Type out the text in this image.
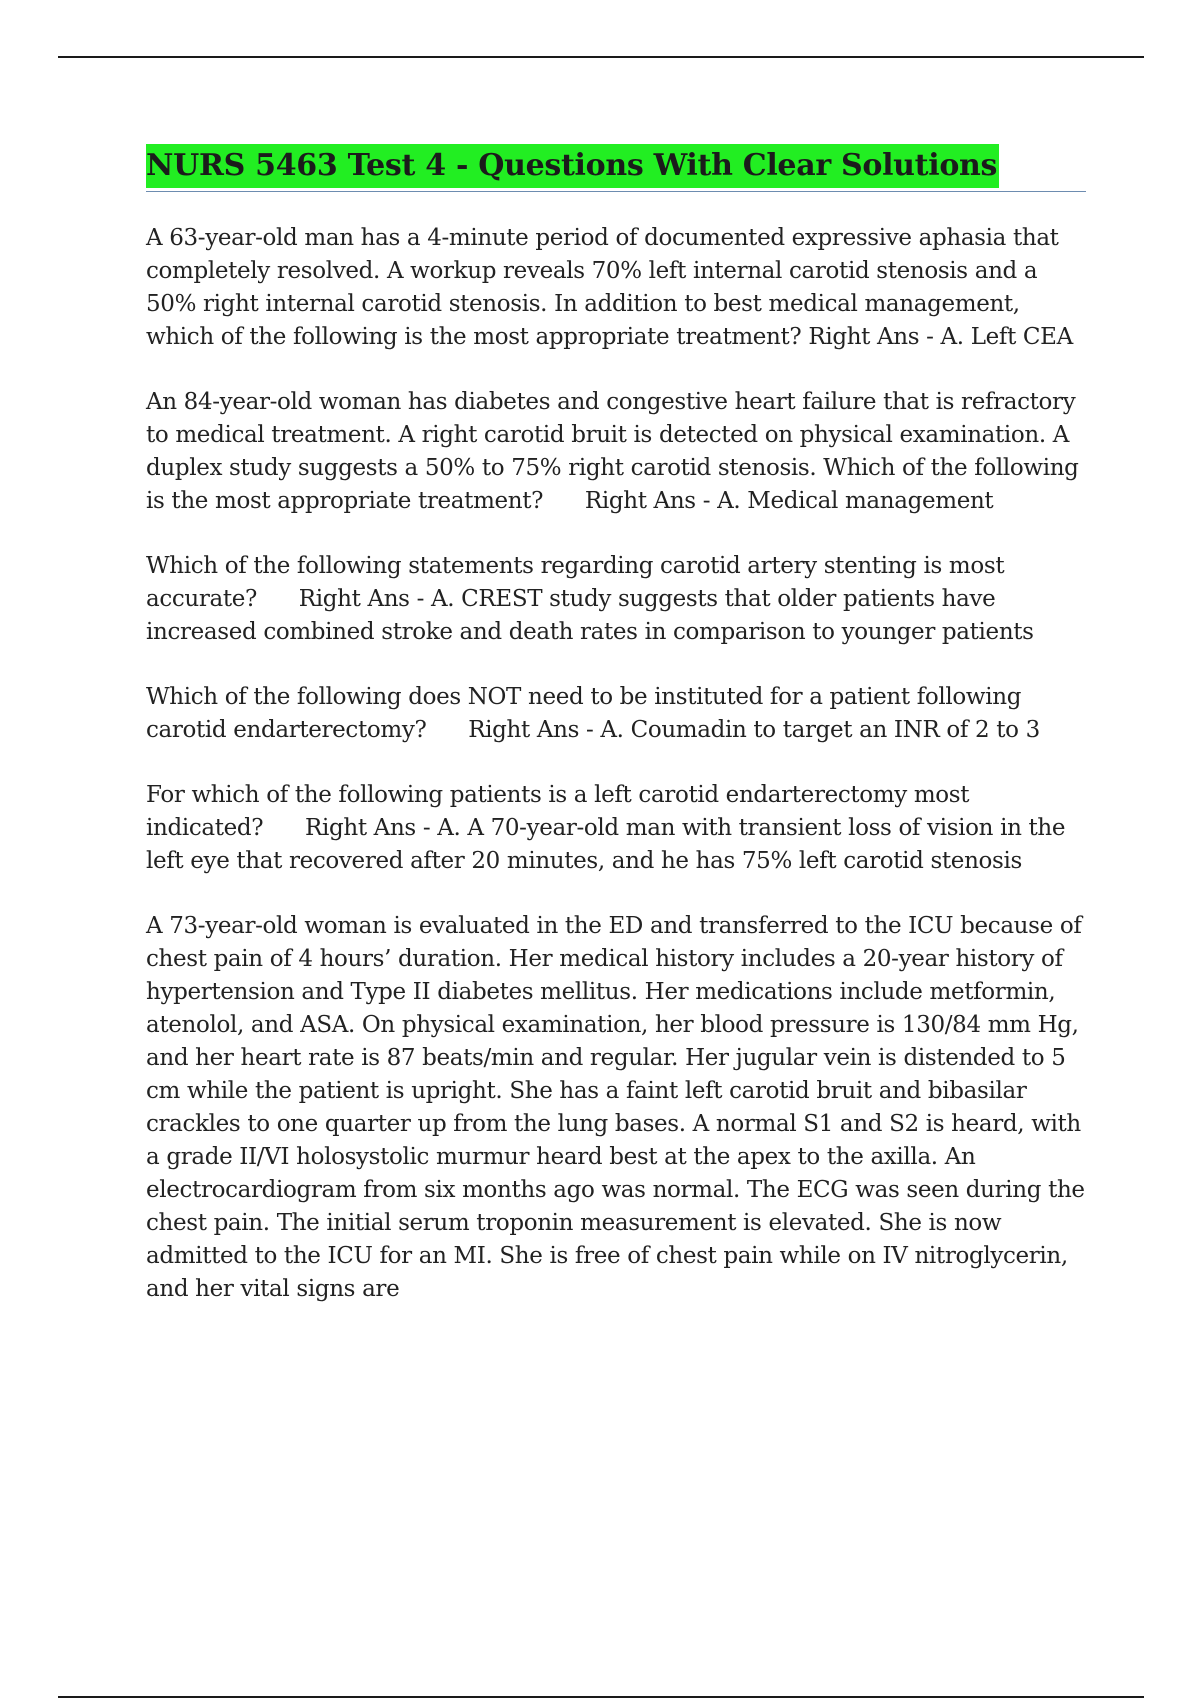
NURS 5463 Test 4 - Questions With Clear Solutions

A 63-year-old man has a 4-minute period of documented expressive aphasia that completely resolved. A workup reveals 70% left internal carotid stenosis and a 50% right internal carotid stenosis. In addition to best medical management, which of the following is the most appropriate treatment? Right Ans - A. Left CEA

An 84-year-old woman has diabetes and congestive heart failure that is refractory to medical treatment. A right carotid bruit is detected on physical examination. A duplex study suggests a 50% to 75% right carotid stenosis. Which of the following is the most appropriate treatment?      Right Ans - A. Medical management

Which of the following statements regarding carotid artery stenting is most accurate?      Right Ans - A. CREST study suggests that older patients have increased combined stroke and death rates in comparison to younger patients

Which of the following does NOT need to be instituted for a patient following carotid endarterectomy?      Right Ans - A. Coumadin to target an INR of 2 to 3

For which of the following patients is a left carotid endarterectomy most indicated?      Right Ans - A. A 70-year-old man with transient loss of vision in the left eye that recovered after 20 minutes, and he has 75% left carotid stenosis

A 73-year-old woman is evaluated in the ED and transferred to the ICU because of chest pain of 4 hours’ duration. Her medical history includes a 20-year history of hypertension and Type II diabetes mellitus. Her medications include metformin, atenolol, and ASA. On physical examination, her blood pressure is 130/84 mm Hg, and her heart rate is 87 beats/min and regular. Her jugular vein is distended to 5 cm while the patient is upright. She has a faint left carotid bruit and bibasilar crackles to one quarter up from the lung bases. A normal S1 and S2 is heard, with a grade II/VI holosystolic murmur heard best at the apex to the axilla. An electrocardiogram from six months ago was normal. The ECG was seen during the chest pain. The initial serum troponin measurement is elevated. She is now admitted to the ICU for an MI. She is free of chest pain while on IV nitroglycerin, and her vital signs are
